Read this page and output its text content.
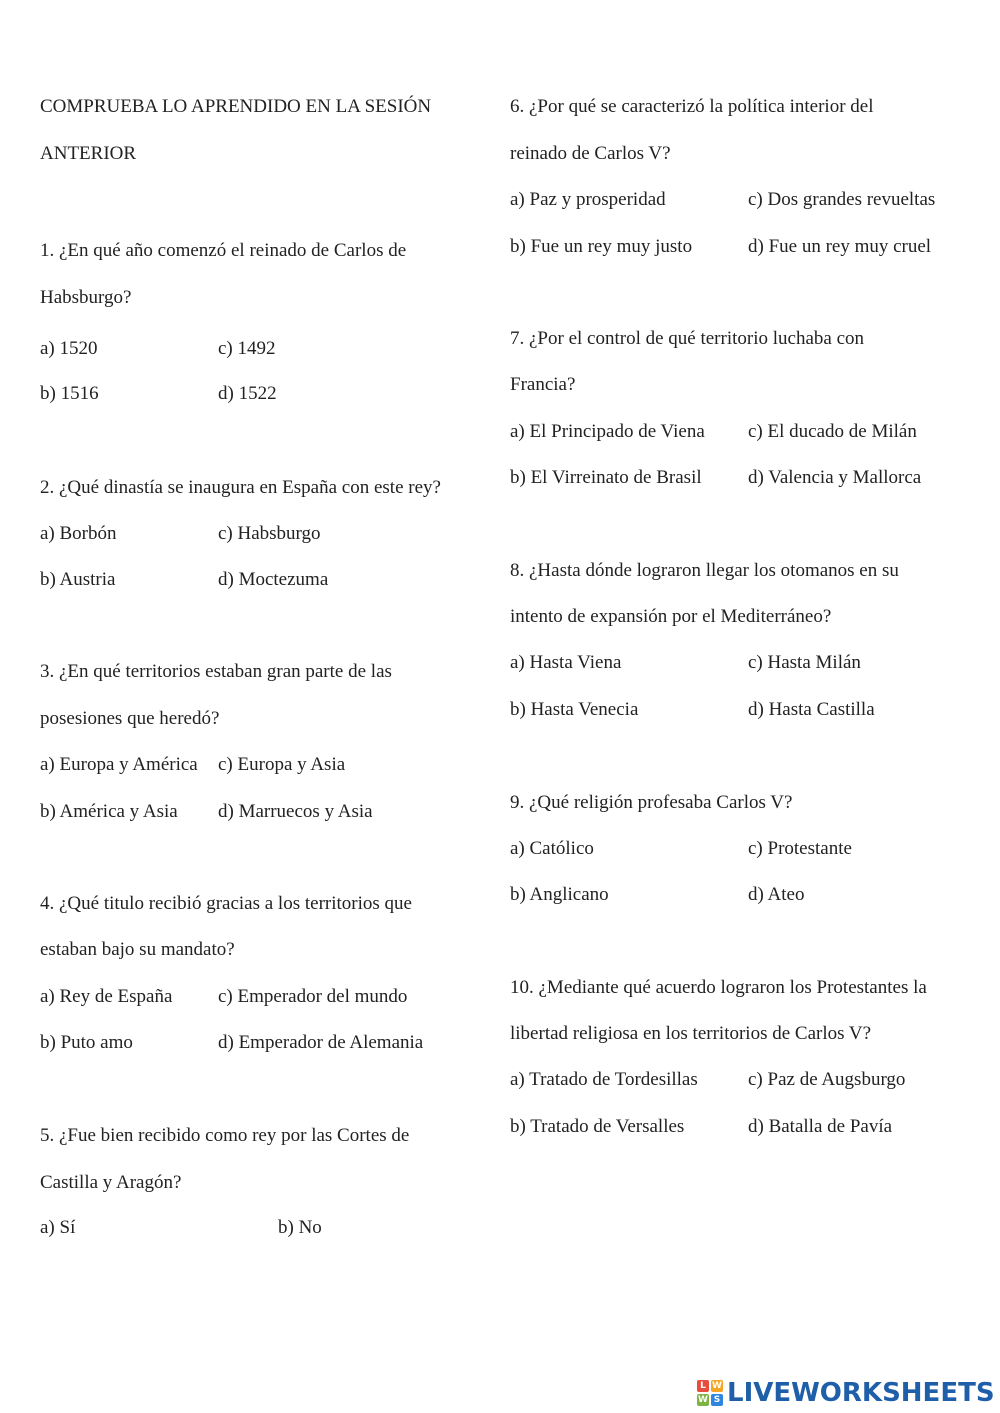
COMPRUEBA LO APRENDIDO EN LA SESIÓN
ANTERIOR
1. ¿En qué año comenzó el reinado de Carlos de
Habsburgo?
a) 1520	c) 1492
b) 1516	d) 1522
2. ¿Qué dinastía se inaugura en España con este rey?
a) Borbón	c) Habsburgo
b) Austria	d) Moctezuma
3. ¿En qué territorios estaban gran parte de las
posesiones que heredó?
a) Europa y América c) Europa y Asia
b) América y Asia d) Marruecos y Asia
4. ¿Qué titulo recibió gracias a los territorios que
estaban bajo su mandato?
a) Rey de España c) Emperador del mundo
b) Puto amo	d) Emperador de Alemania
5. ¿Fue bien recibido como rey por las Cortes de
Castilla y Aragón?
a) Sí	b) No
6. ¿Por qué se caracterizó la política interior del
reinado de Carlos V?
a) Paz y prosperidad	c) Dos grandes revueltas
b) Fue un rey muy justo	d) Fue un rey muy cruel
7. ¿Por el control de qué territorio luchaba con
Francia?
a) El Principado de Viena c) El ducado de Milán
b) El Virreinato de Brasil d) Valencia y Mallorca
8. ¿Hasta dónde lograron llegar los otomanos en su
intento de expansión por el Mediterráneo?
a) Hasta Viena	c) Hasta Milán
b) Hasta Venecia	d) Hasta Castilla
9. ¿Qué religión profesaba Carlos V?
a) Católico	c) Protestante
b) Anglicano	d) Ateo
10. ¿Mediante qué acuerdo lograron los Protestantes la
libertad religiosa en los territorios de Carlos V?
a) Tratado de Tordesillas	c) Paz de Augsburgo
b) Tratado de Versalles	d) Batalla de Pavía
L W
W S LIVEWORKSHEETS
